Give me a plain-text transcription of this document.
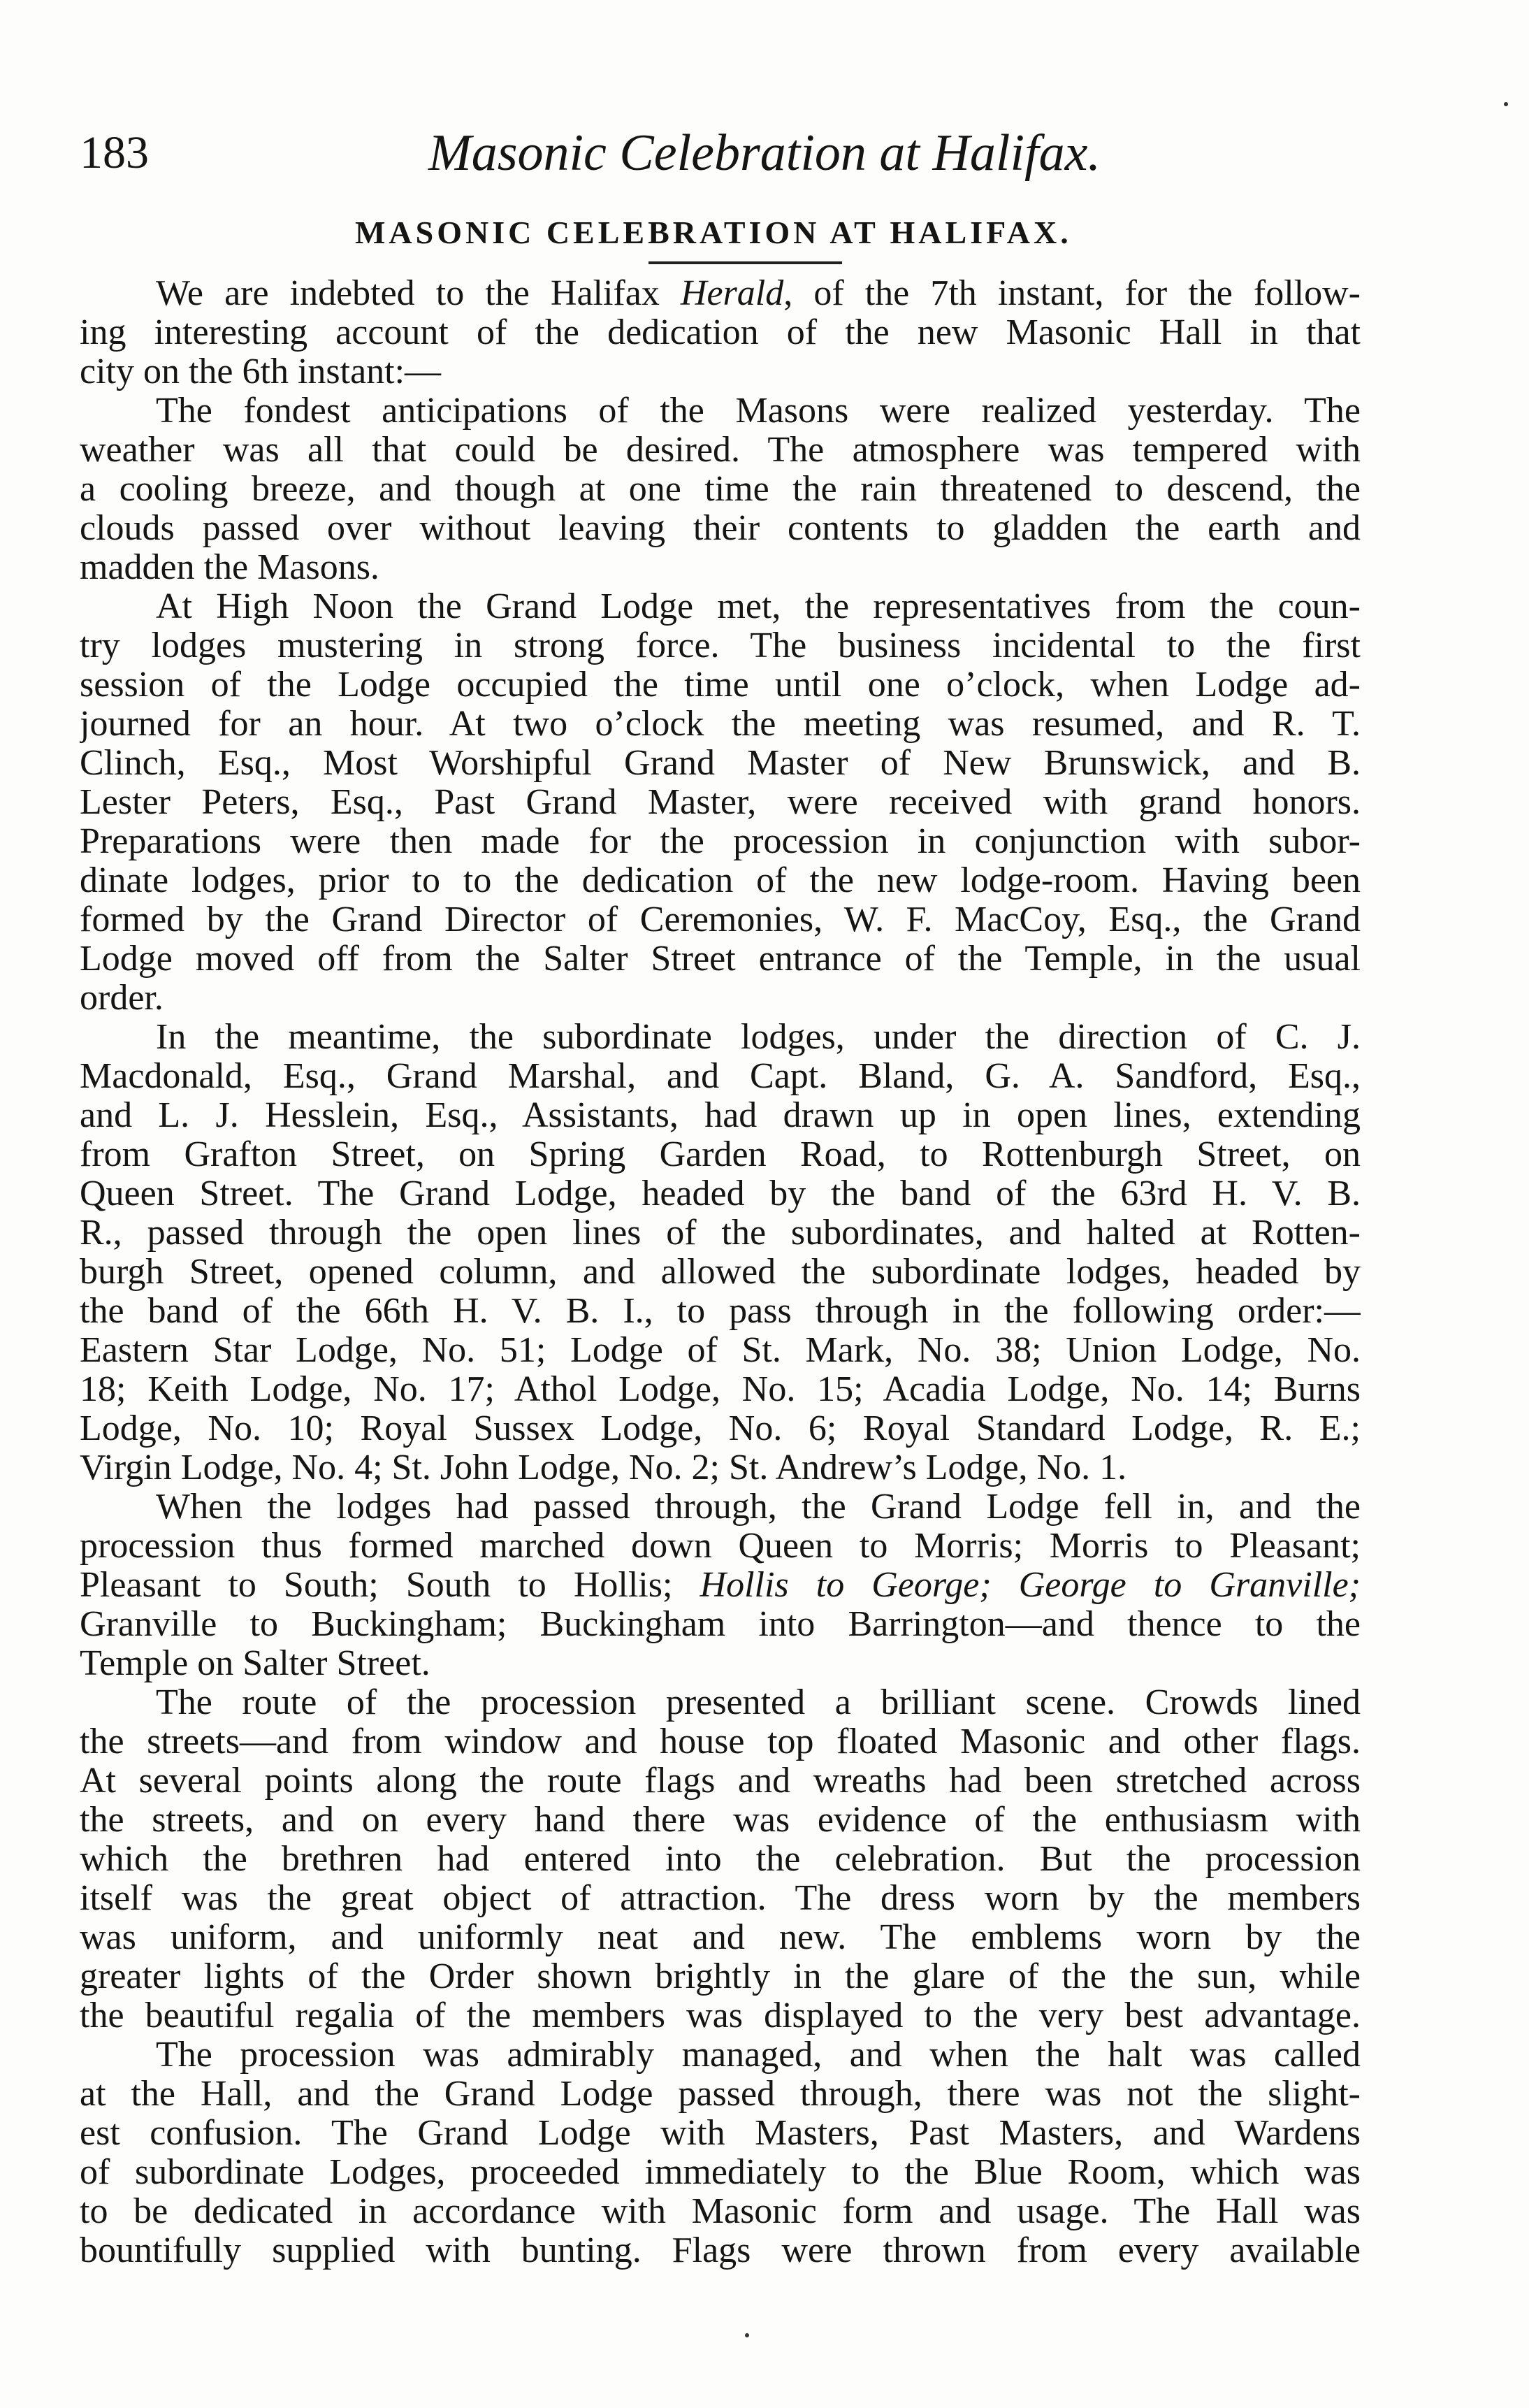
183	Masonic Celebration at Halifax.
MASONIC CELEBRATION AT HALIFAX.
We are indebted to the Halifax Herald, of the 7th instant, for the follow-
ing interesting account of the dedication of the new Masonic Hall in that
city on the 6th instant:—
The fondest anticipations of the Masons were realized yesterday. The
weather was all that could be desired. The atmosphere was tempered with
a cooling breeze, and though at one time the rain threatened to descend, the
clouds passed over without leaving their contents to gladden the earth and
madden the Masons.
At High Noon the Grand Lodge met, the representatives from the coun-
try lodges mustering in strong force. The business incidental to the first
session of the Lodge occupied the time until one o’clock, when Lodge ad-
journed for an hour. At two o’clock the meeting was resumed, and R. T.
Clinch, Esq., Most Worshipful Grand Master of New Brunswick, and B.
Lester Peters, Esq., Past Grand Master, were received with grand honors.
Preparations were then made for the procession in conjunction with subor-
dinate lodges, prior to to the dedication of the new lodge-room. Having been
formed by the Grand Director of Ceremonies, W. F. MacCoy, Esq., the Grand
Lodge moved off from the Salter Street entrance of the Temple, in the usual
order.
In the meantime, the subordinate lodges, under the direction of C. J.
Macdonald, Esq., Grand Marshal, and Capt. Bland, G. A. Sandford, Esq.,
and L. J. Hesslein, Esq., Assistants, had drawn up in open lines, extending
from Grafton Street, on Spring Garden Road, to Rottenburgh Street, on
Queen Street. The Grand Lodge, headed by the band of the 63rd H. V. B.
R., passed through the open lines of the subordinates, and halted at Rotten-
burgh Street, opened column, and allowed the subordinate lodges, headed by
the band of the 66th H. V. B. I., to pass through in the following order:—
Eastern Star Lodge, No. 51; Lodge of St. Mark, No. 38; Union Lodge, No.
18; Keith Lodge, No. 17; Athol Lodge, No. 15; Acadia Lodge, No. 14; Burns
Lodge, No. 10; Royal Sussex Lodge, No. 6; Royal Standard Lodge, R. E.;
Virgin Lodge, No. 4; St. John Lodge, No. 2; St. Andrew’s Lodge, No. 1.
When the lodges had passed through, the Grand Lodge fell in, and the
procession thus formed marched down Queen to Morris; Morris to Pleasant;
Pleasant to South; South to Hollis; Hollis to George; George to Granville;
Granville to Buckingham; Buckingham into Barrington—and thence to the
Temple on Salter Street.
The route of the procession presented a brilliant scene. Crowds lined
the streets—and from window and house top floated Masonic and other flags.
At several points along the route flags and wreaths had been stretched across
the streets, and on every hand there was evidence of the enthusiasm with
which the brethren had entered into the celebration. But the procession
itself was the great object of attraction. The dress worn by the members
was uniform, and uniformly neat and new. The emblems worn by the
greater lights of the Order shown brightly in the glare of the the sun, while
the beautiful regalia of the members was displayed to the very best advantage.
The procession was admirably managed, and when the halt was called
at the Hall, and the Grand Lodge passed through, there was not the slight-
est confusion. The Grand Lodge with Masters, Past Masters, and Wardens
of subordinate Lodges, proceeded immediately to the Blue Room, which was
to be dedicated in accordance with Masonic form and usage. The Hall was
bountifully supplied with bunting. Flags were thrown from every available
